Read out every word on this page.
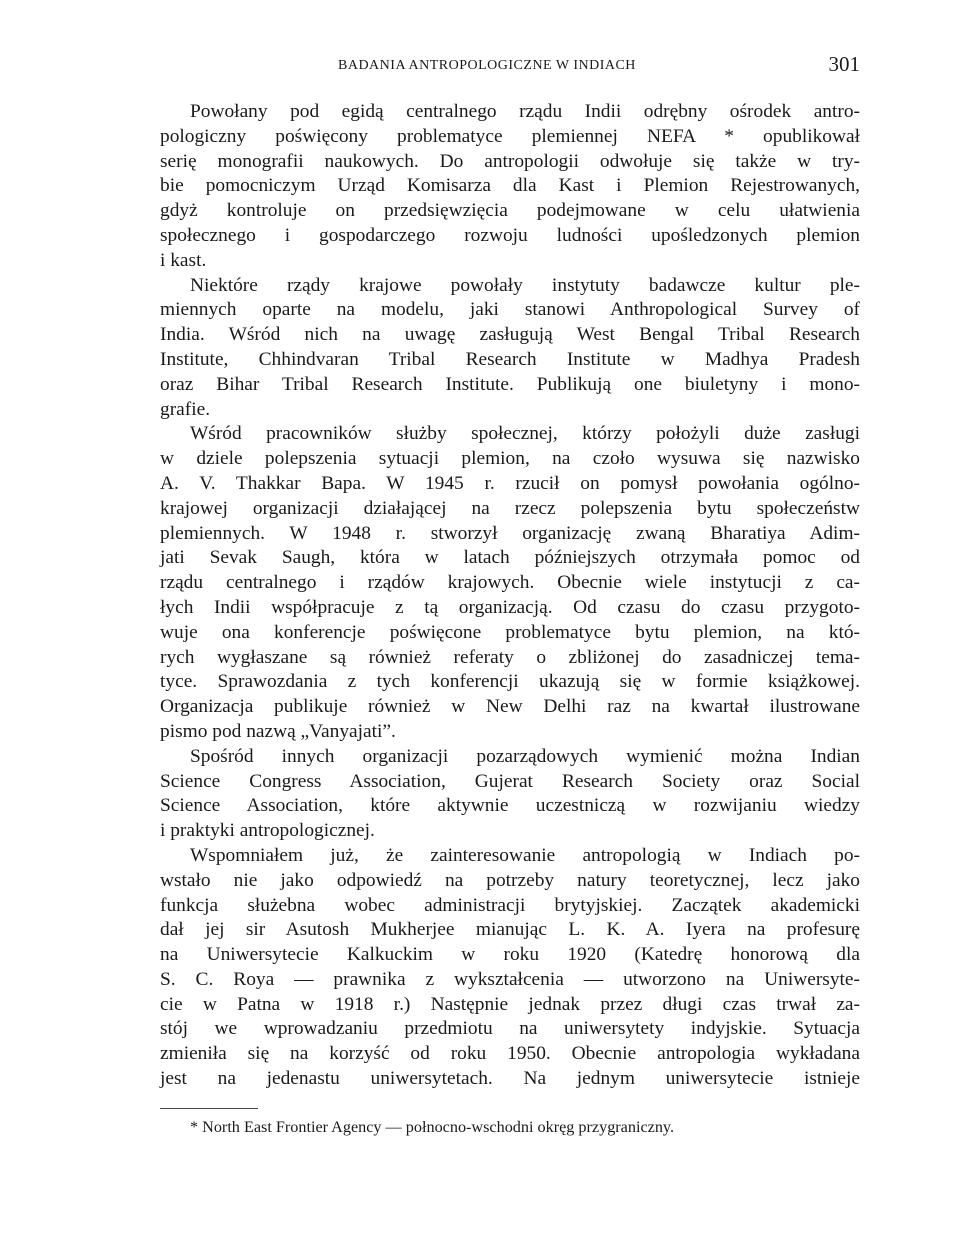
BADANIA ANTROPOLOGICZNE W INDIACH	301
Powołany pod egidą centralnego rządu Indii odrębny ośrodek antro-
pologiczny poświęcony problematyce plemiennej NEFA * opublikował
serię monografii naukowych. Do antropologii odwołuje się także w try-
bie pomocniczym Urząd Komisarza dla Kast i Plemion Rejestrowanych,
gdyż kontroluje on przedsięwzięcia podejmowane w celu ułatwienia
społecznego i gospodarczego rozwoju ludności upośledzonych plemion
i kast.
Niektóre rządy krajowe powołały instytuty badawcze kultur ple-
miennych oparte na modelu, jaki stanowi Anthropological Survey of
India. Wśród nich na uwagę zasługują West Bengal Tribal Research
Institute, Chhindvaran Tribal Research Institute w Madhya Pradesh
oraz Bihar Tribal Research Institute. Publikują one biuletyny i mono-
grafie.
Wśród pracowników służby społecznej, którzy położyli duże zasługi
w dziele polepszenia sytuacji plemion, na czoło wysuwa się nazwisko
A. V. Thakkar Bapa. W 1945 r. rzucił on pomysł powołania ogólno-
krajowej organizacji działającej na rzecz polepszenia bytu społeczeństw
plemiennych. W 1948 r. stworzył organizację zwaną Bharatiya Adim-
jati Sevak Saugh, która w latach późniejszych otrzymała pomoc od
rządu centralnego i rządów krajowych. Obecnie wiele instytucji z ca-
łych Indii współpracuje z tą organizacją. Od czasu do czasu przygoto-
wuje ona konferencje poświęcone problematyce bytu plemion, na któ-
rych wygłaszane są również referaty o zbliżonej do zasadniczej tema-
tyce. Sprawozdania z tych konferencji ukazują się w formie książkowej.
Organizacja publikuje również w New Delhi raz na kwartał ilustrowane
pismo pod nazwą „Vanyajati”.
Spośród innych organizacji pozarządowych wymienić można Indian
Science Congress Association, Gujerat Research Society oraz Social
Science Association, które aktywnie uczestniczą w rozwijaniu wiedzy
i praktyki antropologicznej.
Wspomniałem już, że zainteresowanie antropologią w Indiach po-
wstało nie jako odpowiedź na potrzeby natury teoretycznej, lecz jako
funkcja służebna wobec administracji brytyjskiej. Zaczątek akademicki
dał jej sir Asutosh Mukherjee mianując L. K. A. Iyera na profesurę
na Uniwersytecie Kalkuckim w roku 1920 (Katedrę honorową dla
S. C. Roya — prawnika z wykształcenia — utworzono na Uniwersyte-
cie w Patna w 1918 r.) Następnie jednak przez długi czas trwał za-
stój we wprowadzaniu przedmiotu na uniwersytety indyjskie. Sytuacja
zmieniła się na korzyść od roku 1950. Obecnie antropologia wykładana
jest na jedenastu uniwersytetach. Na jednym uniwersytecie istnieje
* North East Frontier Agency — połnocno-wschodni okręg przygraniczny.
